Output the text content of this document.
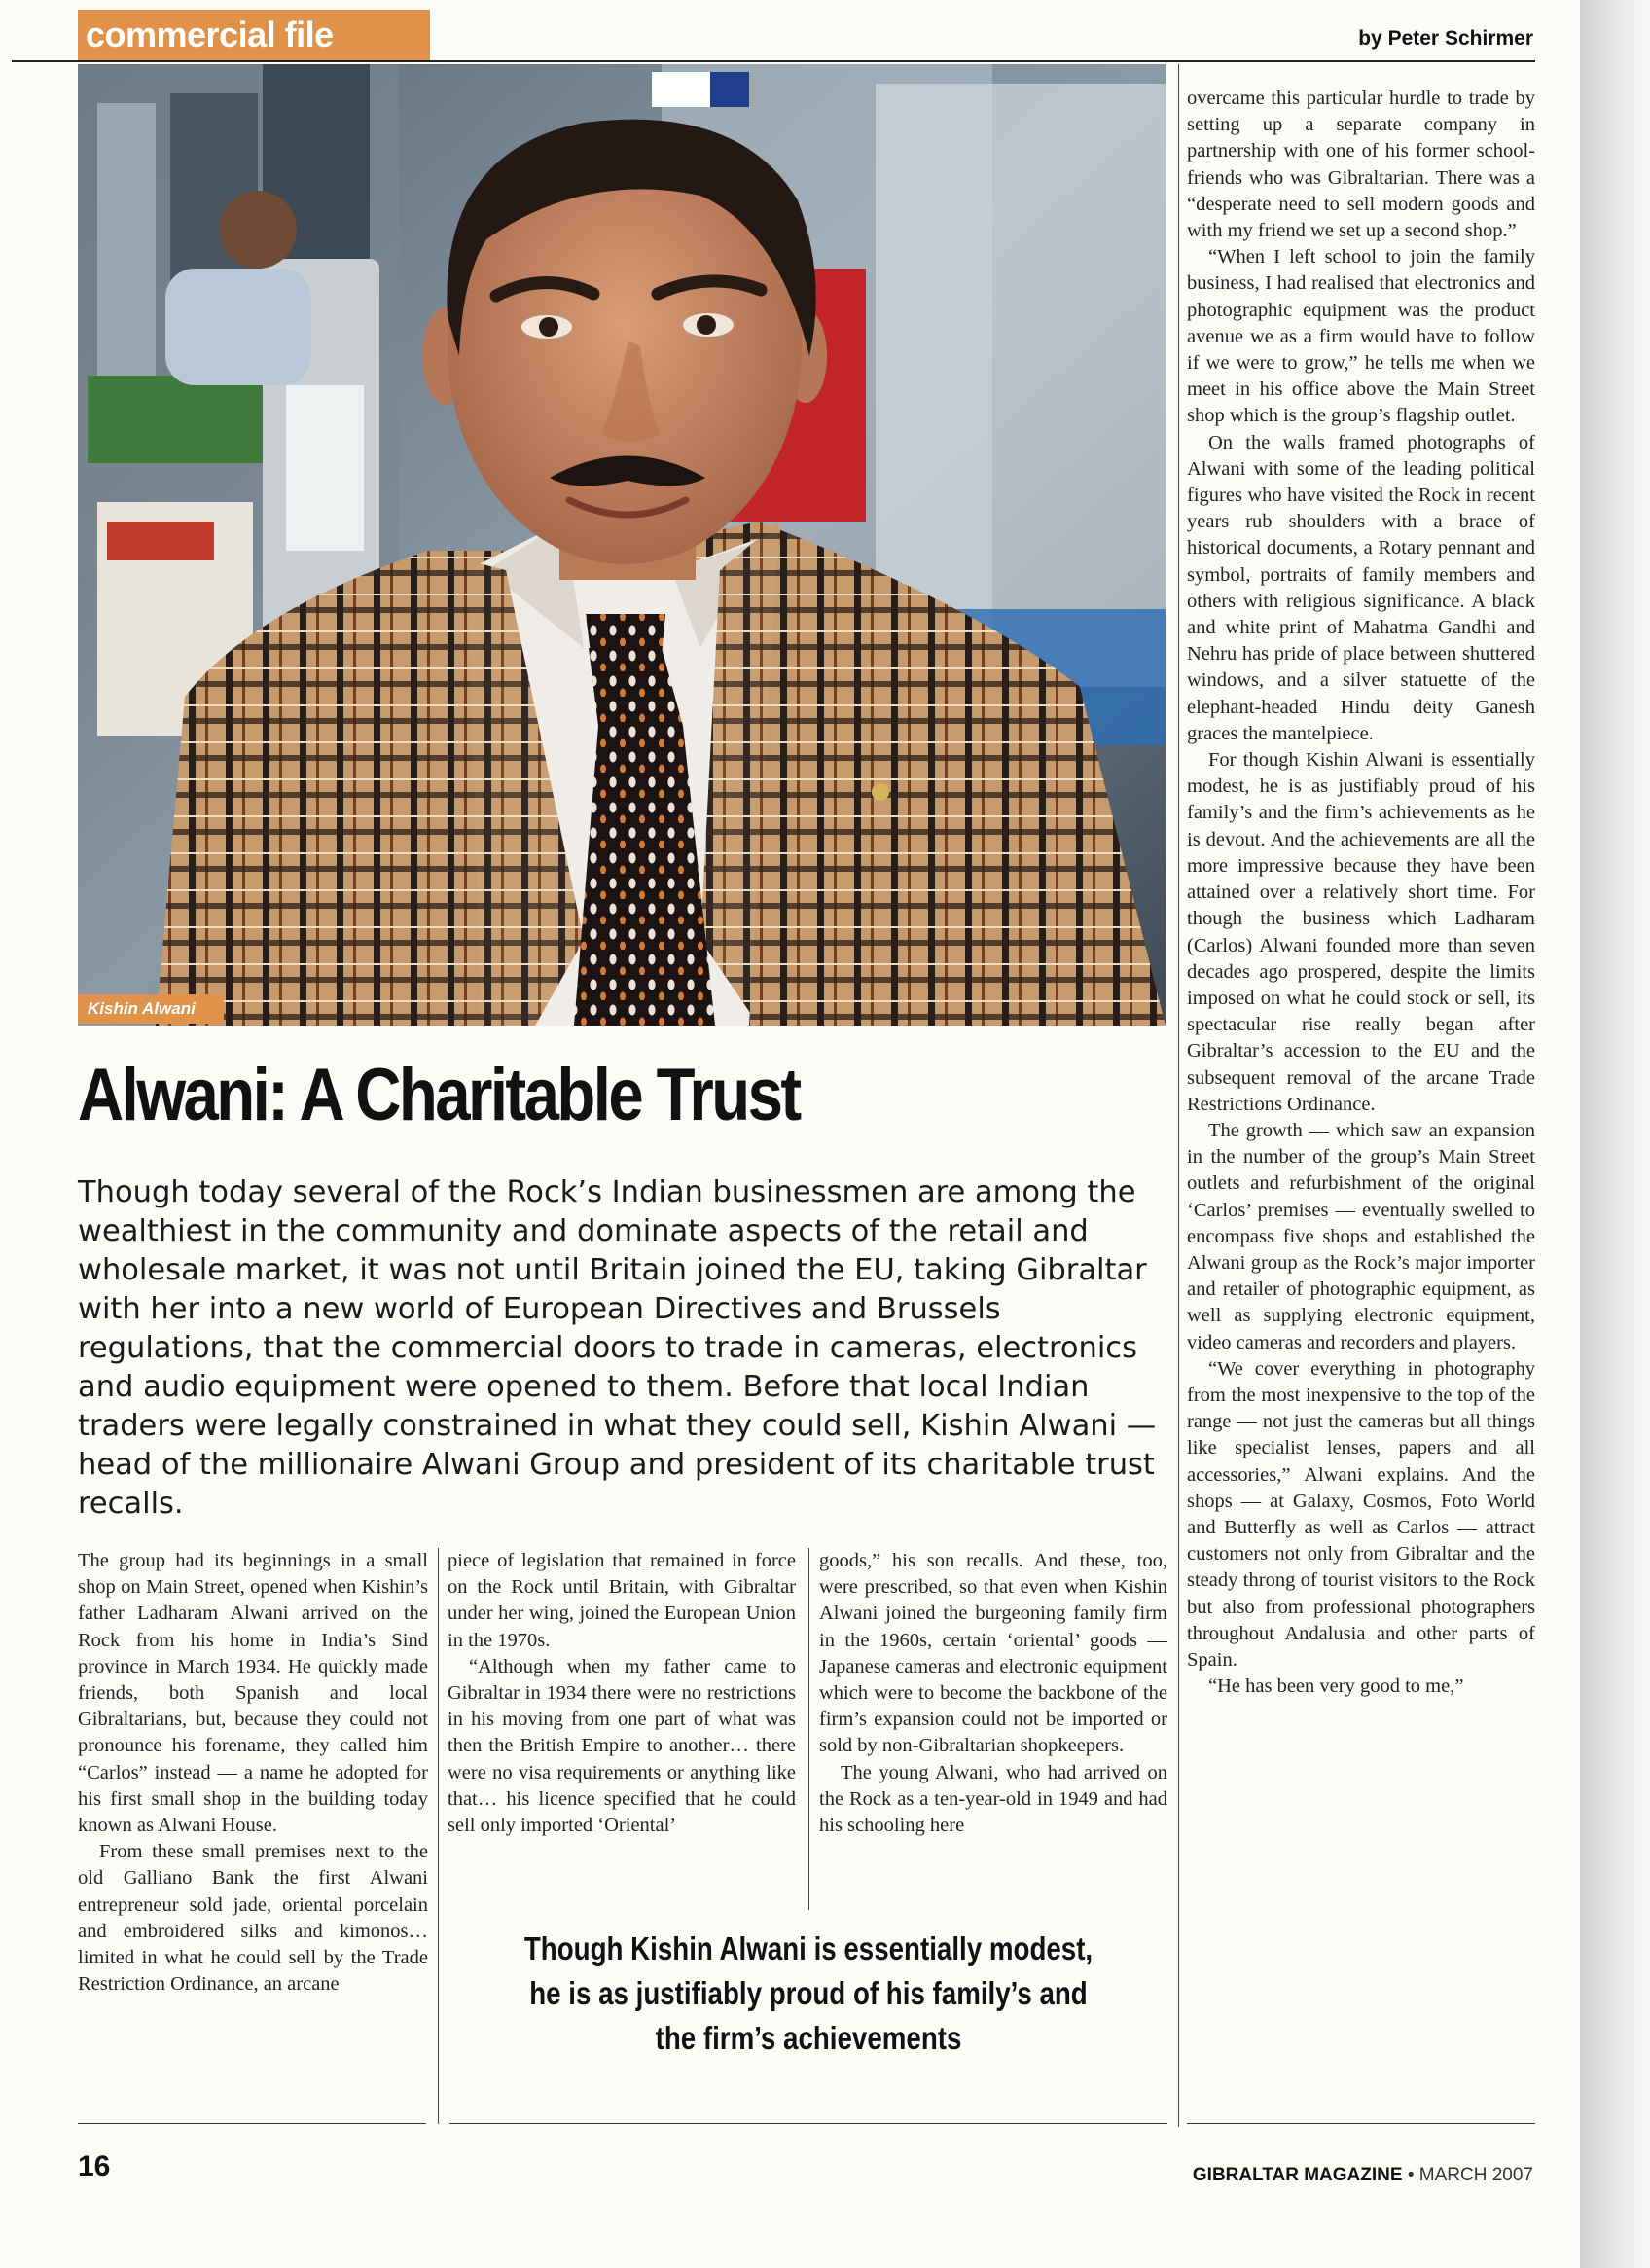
commercial file	by Peter Schirmer
Kishin Alwani
Alwani: A Charitable Trust

Though today several of the Rock’s Indian businessmen are among the wealthiest in the community and dominate aspects of the retail and wholesale market, it was not until Britain joined the EU, taking Gibraltar with her into a new world of European Directives and Brussels regulations, that the commercial doors to trade in cameras, electronics and audio equipment were opened to them. Before that local Indian traders were legally constrained in what they could sell, Kishin Alwani — head of the millionaire Alwani Group and president of its charitable trust recalls.

The group had its beginnings in a small shop on Main Street, opened when Kishin’s father Ladharam Alwani arrived on the Rock from his home in India’s Sind province in March 1934. He quickly made friends, both Spanish and local Gibraltarians, but, because they could not pronounce his forename, they called him “Carlos” instead — a name he adopted for his first small shop in the building today known as Alwani House.

From these small premises next to the old Galliano Bank the first Alwani entrepreneur sold jade, oriental porcelain and embroidered silks and kimonos… limited in what he could sell by the Trade Restriction Ordinance, an arcane

piece of legislation that remained in force on the Rock until Britain, with Gibraltar under her wing, joined the European Union in the 1970s.

“Although when my father came to Gibraltar in 1934 there were no restrictions in his moving from one part of what was then the British Empire to another… there were no visa requirements or anything like that… his licence specified that he could sell only imported ‘Oriental’

goods,” his son recalls. And these, too, were prescribed, so that even when Kishin Alwani joined the burgeoning family firm in the 1960s, certain ‘oriental’ goods — Japanese cameras and electronic equipment which were to become the backbone of the firm’s expansion could not be imported or sold by non-Gibraltarian shopkeepers.

The young Alwani, who had arrived on the Rock as a ten-year-old in 1949 and had his schooling here

overcame this particular hurdle to trade by setting up a separate company in partnership with one of his former school-friends who was Gibraltarian. There was a “desperate need to sell modern goods and with my friend we set up a second shop.”

“When I left school to join the family business, I had realised that electronics and photographic equipment was the product avenue we as a firm would have to follow if we were to grow,” he tells me when we meet in his office above the Main Street shop which is the group’s flagship outlet.

On the walls framed photographs of Alwani with some of the leading political figures who have visited the Rock in recent years rub shoulders with a brace of historical documents, a Rotary pennant and symbol, portraits of family members and others with religious significance. A black and white print of Mahatma Gandhi and Nehru has pride of place between shuttered windows, and a silver statuette of the elephant-headed Hindu deity Ganesh graces the mantelpiece.

For though Kishin Alwani is essentially modest, he is as justifiably proud of his family’s and the firm’s achievements as he is devout. And the achievements are all the more impressive because they have been attained over a relatively short time. For though the business which Ladharam (Carlos) Alwani founded more than seven decades ago prospered, despite the limits imposed on what he could stock or sell, its spectacular rise really began after Gibraltar’s accession to the EU and the subsequent removal of the arcane Trade Restrictions Ordinance.

The growth — which saw an expansion in the number of the group’s Main Street outlets and refurbishment of the original ‘Carlos’ premises — eventually swelled to encompass five shops and established the Alwani group as the Rock’s major importer and retailer of photographic equipment, as well as supplying electronic equipment, video cameras and recorders and players.

“We cover everything in photography from the most inexpensive to the top of the range — not just the cameras but all things like specialist lenses, papers and all accessories,” Alwani explains. And the shops — at Galaxy, Cosmos, Foto World and Butterfly as well as Carlos — attract customers not only from Gibraltar and the steady throng of tourist visitors to the Rock but also from professional photographers throughout Andalusia and other parts of Spain.

“He has been very good to me,”

Though Kishin Alwani is essentially modest, he is as justifiably proud of his family’s and the firm’s achievements

16	GIBRALTAR MAGAZINE • MARCH 2007
